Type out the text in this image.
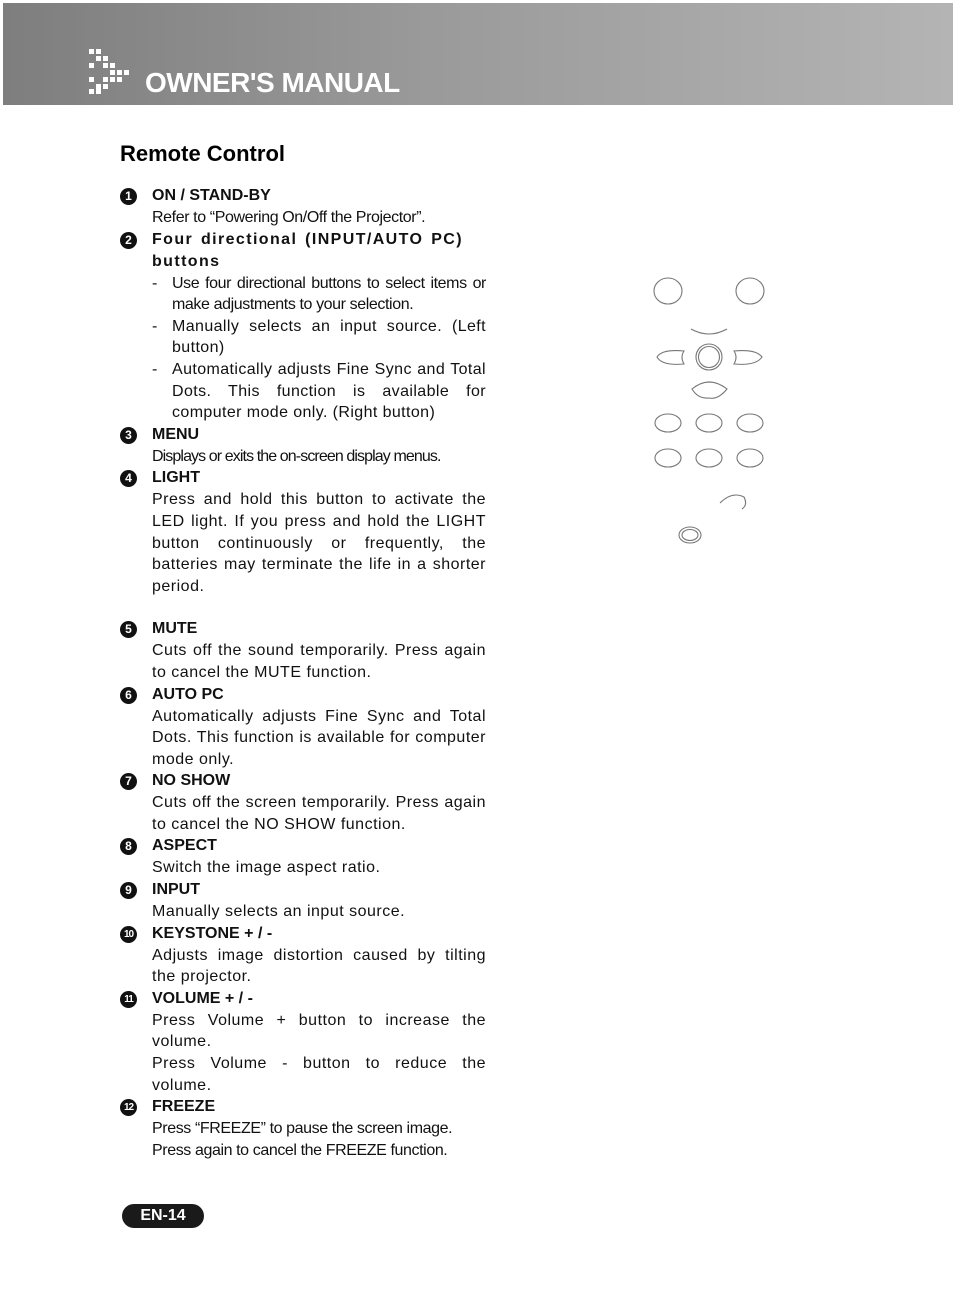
OWNER'S MANUAL
Remote Control
1	ON / STAND-BY
Refer to “Powering On/Off the Projector”.
2	Four directional (INPUT/AUTO PC) buttons
- Use four directional buttons to select items or make adjustments to your selection.
- Manually selects an input source. (Left button)
- Automatically adjusts Fine Sync and Total Dots. This function is available for computer mode only. (Right button)
3	MENU
Displays or exits the on-screen display menus.
4	LIGHT
Press and hold this button to activate the LED light. If you press and hold the LIGHT button continuously or frequently, the batteries may terminate the life in a shorter period.
5	MUTE
Cuts off the sound temporarily. Press again to cancel the MUTE function.
6	AUTO PC
Automatically adjusts Fine Sync and Total Dots. This function is available for computer mode only.
7	NO SHOW
Cuts off the screen temporarily. Press again to cancel the NO SHOW function.
8	ASPECT
Switch the image aspect ratio.
9	INPUT
Manually selects an input source.
10 KEYSTONE + / -
Adjusts image distortion caused by tilting the projector.
11 VOLUME + / -
Press Volume + button to increase the volume.
Press Volume - button to reduce the volume.
12 FREEZE
Press “FREEZE” to pause the screen image.
Press again to cancel the FREEZE function.
EN-14
